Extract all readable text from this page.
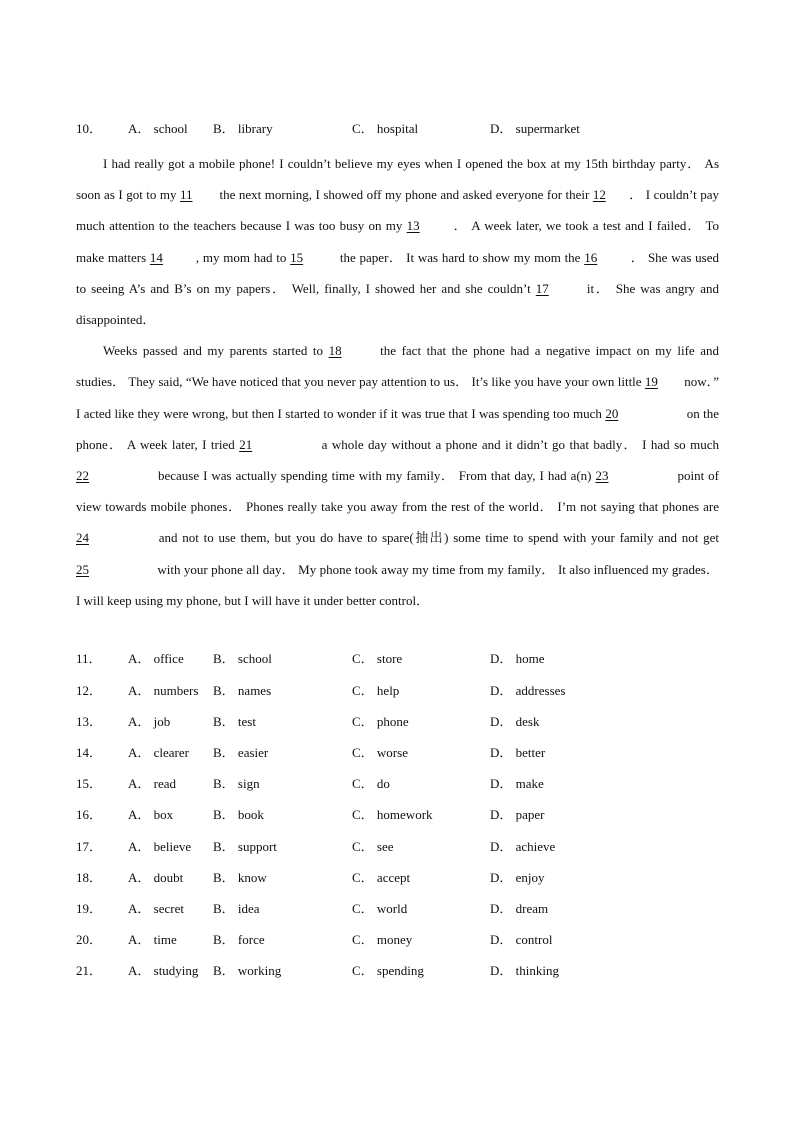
10． A． school B． library	C． hospital	D． supermarket

I had really got a mobile phone! I couldn’t believe my eyes when I opened the box at my 15th birthday party． As soon as I got to my 11 the next morning, I showed off my phone and asked everyone for their 12 ． I couldn’t pay much attention to the teachers because I was too busy on my 13	． A week later, we took a test and I failed． To make matters 14	, my mom had to 15	the paper． It was hard to show my mom the 16	． She was used to seeing A’s and B’s on my papers． Well, finally, I showed her and she couldn’t 17	it． She was angry and disappointed．

Weeks passed and my parents started to 18	the fact that the phone had a negative impact on my life and studies． They said, “We have noticed that you never pay attention to us． It’s like you have your own little 19 now．” I acted like they were wrong, but then I started to wonder if it was true that I was spending too much 20	on the phone． A week later, I tried 21	a whole day without a phone and it didn’t go that badly． I had so much 22	because I was actually spending time with my family． From that day, I had a(n) 23	point of view towards mobile phones． Phones really take you away from the rest of the world． I’m not saying that phones are 24	and not to use them, but you do have to spare(抽出) some time to spend with your family and not get 25	with your phone all day． My phone took away my time from my family． It also influenced my grades． I will keep using my phone, but I will have it under better control．

11． A． office B． school	C． store	D． home
12． A． numbers B． names	C． help	D． addresses
13． A． job	B． test	C． phone	D． desk
14． A． clearer B． easier	C． worse	D． better
15． A． read	B． sign	C． do	D． make
16． A． box	B． book	C． homework	D． paper
17． A． believe B． support	C． see	D． achieve
18． A． doubt B． know	C． accept	D． enjoy
19． A． secret B． idea	C． world	D． dream
20． A． time	B． force	C． money	D． control
21． A． studying B． working	C． spending	D． thinking
